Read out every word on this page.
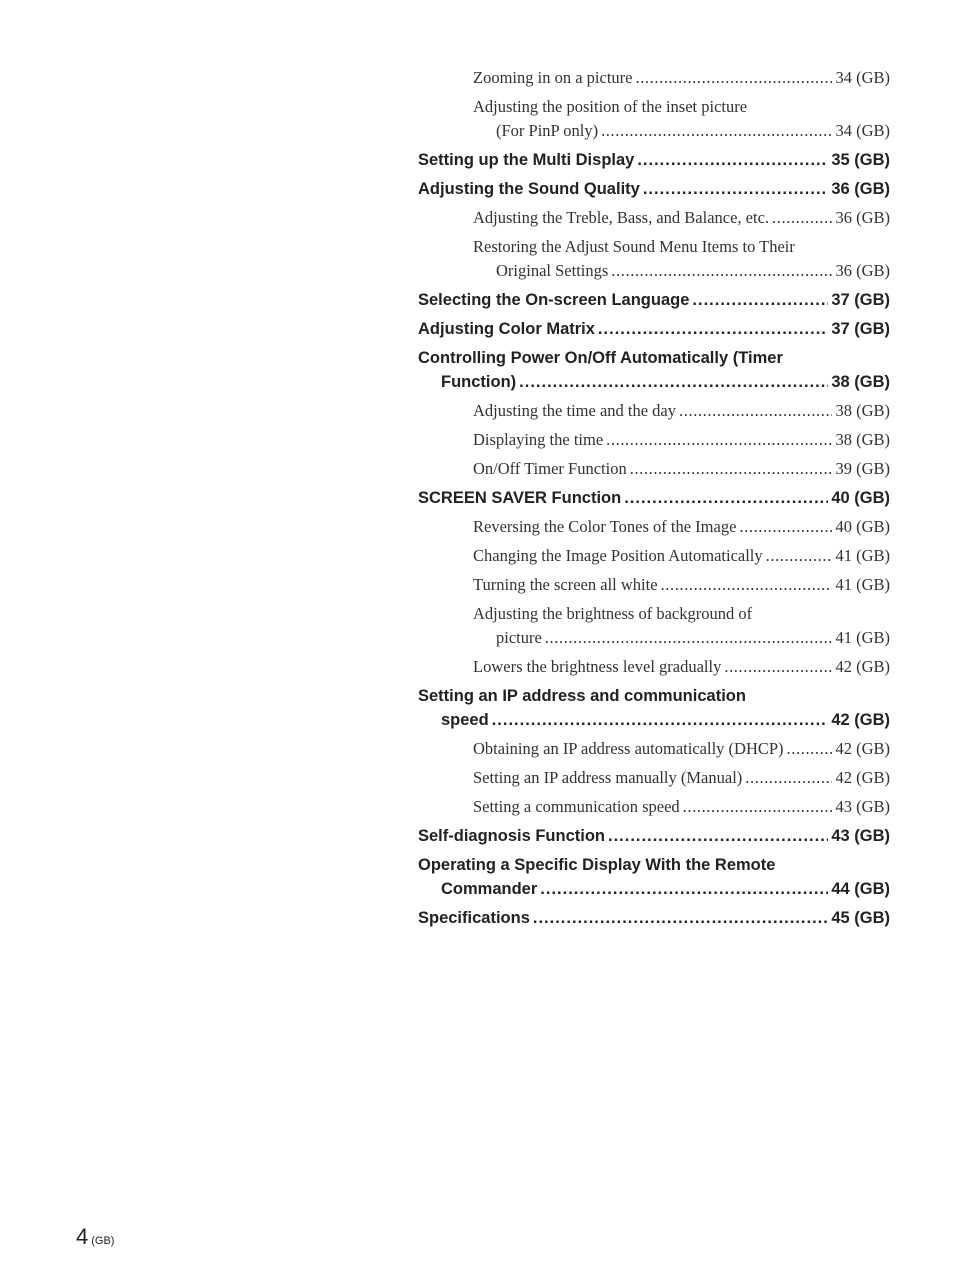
Zooming in on a picture .....	34 (GB)
Adjusting the position of the inset picture
(For PinP only) .....	34 (GB)
Setting up the Multi Display .....	35 (GB)
Adjusting the Sound Quality .....	36 (GB)
Adjusting the Treble, Bass, and Balance, etc. .....	36 (GB)
Restoring the Adjust Sound Menu Items to Their
Original Settings .....	36 (GB)
Selecting the On-screen Language .....	37 (GB)
Adjusting Color Matrix .....	37 (GB)
Controlling Power On/Off Automatically (Timer
Function) .....	38 (GB)
Adjusting the time and the day .....	38 (GB)
Displaying the time .....	38 (GB)
On/Off Timer Function .....	39 (GB)
SCREEN SAVER Function .....	40 (GB)
Reversing the Color Tones of the Image .....	40 (GB)
Changing the Image Position Automatically .....	41 (GB)
Turning the screen all white .....	41 (GB)
Adjusting the brightness of background of
picture .....	41 (GB)
Lowers the brightness level gradually .....	42 (GB)
Setting an IP address and communication
speed .....	42 (GB)
Obtaining an IP address automatically (DHCP) .....	42 (GB)
Setting an IP address manually (Manual) .....	42 (GB)
Setting a communication speed .....	43 (GB)
Self-diagnosis Function .....	43 (GB)
Operating a Specific Display With the Remote
Commander .....	44 (GB)
Specifications .....	45 (GB)
4 (GB)
